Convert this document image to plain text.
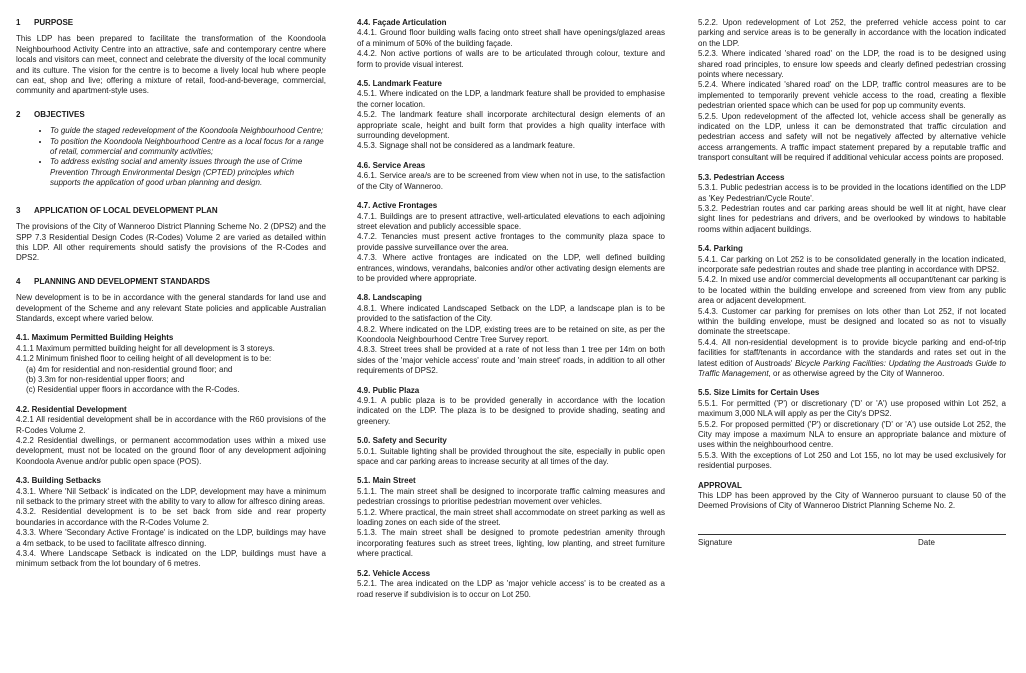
1 PURPOSE

This LDP has been prepared to facilitate the transformation of the Koondoola Neighbourhood Activity Centre into an attractive, safe and contemporary centre where locals and visitors can meet, connect and celebrate the diversity of the local community and its culture. The vision for the centre is to become a lively local hub where people can eat, shop and live; offering a mixture of retail, food-and-beverage, commercial, community and apartment-style uses.

2 OBJECTIVES
• To guide the staged redevelopment of the Koondoola Neighbourhood Centre;
• To position the Koondoola Neighbourhood Centre as a local focus for a range of retail, commercial and community activities;
• To address existing social and amenity issues through the use of Crime Prevention Through Environmental Design (CPTED) principles which supports the application of good urban planning and design.
3 APPLICATION OF LOCAL DEVELOPMENT PLAN

The provisions of the City of Wanneroo District Planning Scheme No. 2 (DPS2) and the SPP 7.3 Residential Design Codes (R-Codes) Volume 2 are varied as detailed within this LDP. All other requirements should satisfy the provisions of the R-Codes and DPS2.

4 PLANNING AND DEVELOPMENT STANDARDS

New development is to be in accordance with the general standards for land use and development of the Scheme and any relevant State policies and applicable Australian Standards, except where varied below.

4.1. Maximum Permitted Building Heights

4.1.1 Maximum permitted building height for all development is 3 storeys.

4.1.2 Minimum finished floor to ceiling height of all development is to be:

(a) 4m for residential and non-residential ground floor; and

(b) 3.3m for non-residential upper floors; and

(c) Residential upper floors in accordance with the R-Codes.

4.2. Residential Development

4.2.1 All residential development shall be in accordance with the R60 provisions of the R-Codes Volume 2.

4.2.2 Residential dwellings, or permanent accommodation uses within a mixed use development, must not be located on the ground floor of any development adjoining Koondoola Avenue and/or public open space (POS).

4.3. Building Setbacks

4.3.1. Where 'Nil Setback' is indicated on the LDP, development may have a minimum nil setback to the primary street with the ability to vary to allow for alfresco dining areas.

4.3.2. Residential development is to be set back from side and rear property boundaries in accordance with the R-Codes Volume 2.

4.3.3. Where 'Secondary Active Frontage' is indicated on the LDP, buildings may have a 4m setback, to be used to facilitate alfresco dinning.

4.3.4. Where Landscape Setback is indicated on the LDP, buildings must have a minimum setback from the lot boundary of 6 metres.

4.4. Façade Articulation

4.4.1. Ground floor building walls facing onto street shall have openings/glazed areas of a minimum of 50% of the building façade.

4.4.2. Non active portions of walls are to be articulated through colour, texture and form to provide visual interest.

4.5. Landmark Feature

4.5.1. Where indicated on the LDP, a landmark feature shall be provided to emphasise the corner location.

4.5.2. The landmark feature shall incorporate architectural design elements of an appropriate scale, height and built form that provides a high quality interface with surrounding development.

4.5.3. Signage shall not be considered as a landmark feature.

4.6. Service Areas

4.6.1. Service area/s are to be screened from view when not in use, to the satisfaction of the City of Wanneroo.

4.7. Active Frontages

4.7.1. Buildings are to present attractive, well-articulated elevations to each adjoining street elevation and publicly accessible space.

4.7.2. Tenancies must present active frontages to the community plaza space to provide passive surveillance over the area.

4.7.3. Where active frontages are indicated on the LDP, well defined building entrances, windows, verandahs, balconies and/or other activating design elements are to be provided where appropriate.

4.8. Landscaping

4.8.1. Where indicated Landscaped Setback on the LDP, a landscape plan is to be provided to the satisfaction of the City.

4.8.2. Where indicated on the LDP, existing trees are to be retained on site, as per the Koondoola Neighbourhood Centre Tree Survey report.

4.8.3. Street trees shall be provided at a rate of not less than 1 tree per 14m on both sides of the 'major vehicle access' route and 'main street' roads, in addition to all other requirements of DPS2.

4.9. Public Plaza

4.9.1. A public plaza is to be provided generally in accordance with the location indicated on the LDP. The plaza is to be designed to provide shading, seating and greenery.

5.0. Safety and Security

5.0.1. Suitable lighting shall be provided throughout the site, especially in public open space and car parking areas to increase security at all times of the day.

5.1. Main Street

5.1.1. The main street shall be designed to incorporate traffic calming measures and pedestrian crossings to prioritise pedestrian movement over vehicles.

5.1.2. Where practical, the main street shall accommodate on street parking as well as loading zones on each side of the street.

5.1.3. The main street shall be designed to promote pedestrian amenity through incorporating features such as street trees, lighting, low planting, and street furniture where practical.

5.2. Vehicle Access

5.2.1. The area indicated on the LDP as 'major vehicle access' is to be created as a road reserve if subdivision is to occur on Lot 250.

5.2.2. Upon redevelopment of Lot 252, the preferred vehicle access point to car parking and service areas is to be generally in accordance with the location indicated on the LDP.

5.2.3. Where indicated 'shared road' on the LDP, the road is to be designed using shared road principles, to ensure low speeds and clearly defined pedestrian crossing points where necessary.

5.2.4. Where indicated 'shared road' on the LDP, traffic control measures are to be implemented to temporarily prevent vehicle access to the road, creating a flexible pedestrian oriented space which can be used for pop up community events.

5.2.5. Upon redevelopment of the affected lot, vehicle access shall be generally as indicated on the LDP, unless it can be demonstrated that traffic circulation and pedestrian access and safety will not be negatively affected by alternative vehicle access arrangements. A traffic impact statement prepared by a reputable traffic and transport consultant will be required if additional vehicular access points are proposed.

5.3. Pedestrian Access

5.3.1. Public pedestrian access is to be provided in the locations identified on the LDP as 'Key Pedestrian/Cycle Route'.

5.3.2. Pedestrian routes and car parking areas should be well lit at night, have clear sight lines for pedestrians and drivers, and be overlooked by windows to habitable rooms within adjacent buildings.

5.4. Parking

5.4.1. Car parking on Lot 252 is to be consolidated generally in the location indicated, incorporate safe pedestrian routes and shade tree planting in accordance with DPS2.

5.4.2. In mixed use and/or commercial developments all occupant/tenant car parking is to be located within the building envelope and screened from view from any public area or adjacent development.

5.4.3. Customer car parking for premises on lots other than Lot 252, if not located within the building envelope, must be designed and located so as not to visually dominate the streetscape.

5.4.4. All non-residential development is to provide bicycle parking and end-of-trip facilities for staff/tenants in accordance with the standards and rates set out in the latest edition of Austroads' Bicycle Parking Facilities: Updating the Austroads Guide to Traffic Management, or as otherwise agreed by the City of Wanneroo.

5.5. Size Limits for Certain Uses

5.5.1. For permitted ('P') or discretionary ('D' or 'A') use proposed within Lot 252, a maximum 3,000 NLA will apply as per the City's DPS2.

5.5.2. For proposed permitted ('P') or discretionary ('D' or 'A') use outside Lot 252, the City may impose a maximum NLA to ensure an appropriate balance and mixture of uses within the neighbourhood centre.

5.5.3. With the exceptions of Lot 250 and Lot 155, no lot may be used exclusively for residential purposes.

APPROVAL

This LDP has been approved by the City of Wanneroo pursuant to clause 50 of the Deemed Provisions of City of Wanneroo District Planning Scheme No. 2.

Signature	Date
